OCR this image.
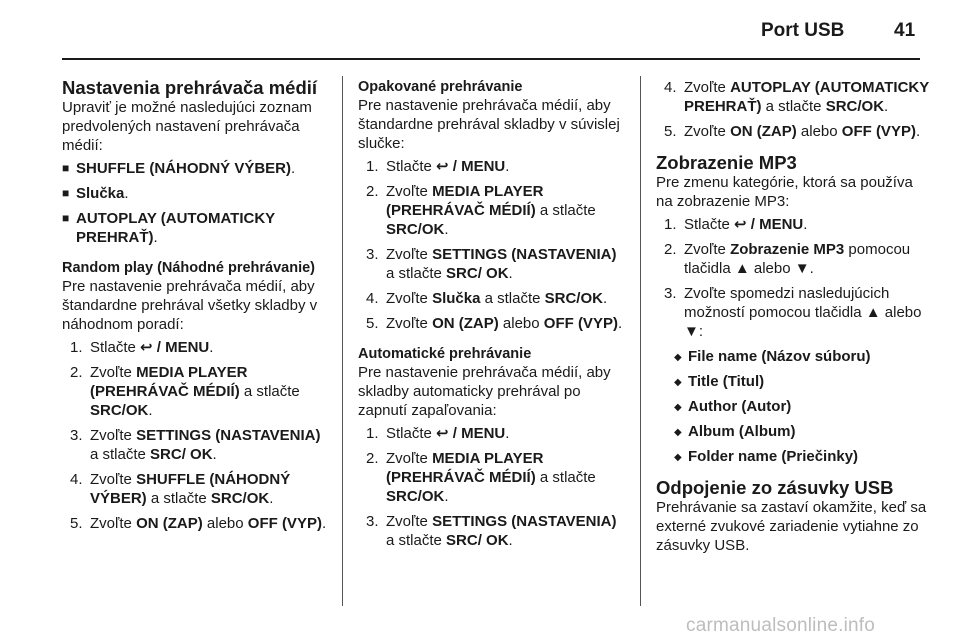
Port USB	41
Nastavenia prehrávača médií

Upraviť je možné nasledujúci zoznam predvolených nastavení prehrávača médií:

■ SHUFFLE (NÁHODNÝ VÝBER).
■ Slučka.
■ AUTOPLAY (AUTOMATICKY PREHRAŤ).
Random play (Náhodné prehrávanie)

Pre nastavenie prehrávača médií, aby štandardne prehrával všetky skladby v náhodnom poradí:

1. Stlačte ↩ / MENU.
2. Zvoľte MEDIA PLAYER (PREHRÁVAČ MÉDIÍ) a stlačte SRC/OK.
3. Zvoľte SETTINGS (NASTAVENIA) a stlačte SRC/ OK.
4. Zvoľte SHUFFLE (NÁHODNÝ VÝBER) a stlačte SRC/OK.
5. Zvoľte ON (ZAP) alebo OFF (VYP).
Opakované prehrávanie

Pre nastavenie prehrávača médií, aby štandardne prehrával skladby v súvislej slučke:

1. Stlačte ↩ / MENU.
2. Zvoľte MEDIA PLAYER (PREHRÁVAČ MÉDIÍ) a stlačte SRC/OK.
3. Zvoľte SETTINGS (NASTAVENIA) a stlačte SRC/ OK.
4. Zvoľte Slučka a stlačte SRC/OK.
5. Zvoľte ON (ZAP) alebo OFF (VYP).
Automatické prehrávanie

Pre nastavenie prehrávača médií, aby skladby automaticky prehrával po zapnutí zapaľovania:

1. Stlačte ↩ / MENU.
2. Zvoľte MEDIA PLAYER (PREHRÁVAČ MÉDIÍ) a stlačte SRC/OK.
3. Zvoľte SETTINGS (NASTAVENIA) a stlačte SRC/ OK.
4. Zvoľte AUTOPLAY (AUTOMATICKY PREHRAŤ) a stlačte SRC/OK.
5. Zvoľte ON (ZAP) alebo OFF (VYP).
Zobrazenie MP3

Pre zmenu kategórie, ktorá sa používa na zobrazenie MP3:

1. Stlačte ↩ / MENU.
2. Zvoľte Zobrazenie MP3 pomocou tlačidla ▲ alebo ▼.
3. Zvoľte spomedzi nasledujúcich možností pomocou tlačidla ▲ alebo ▼:
◆ File name (Názov súboru)
◆ Title (Titul)
◆ Author (Autor)
◆ Album (Album)
◆ Folder name (Priečinky)
Odpojenie zo zásuvky USB

Prehrávanie sa zastaví okamžite, keď sa externé zvukové zariadenie vytiahne zo zásuvky USB.

carmanualsonline.info
